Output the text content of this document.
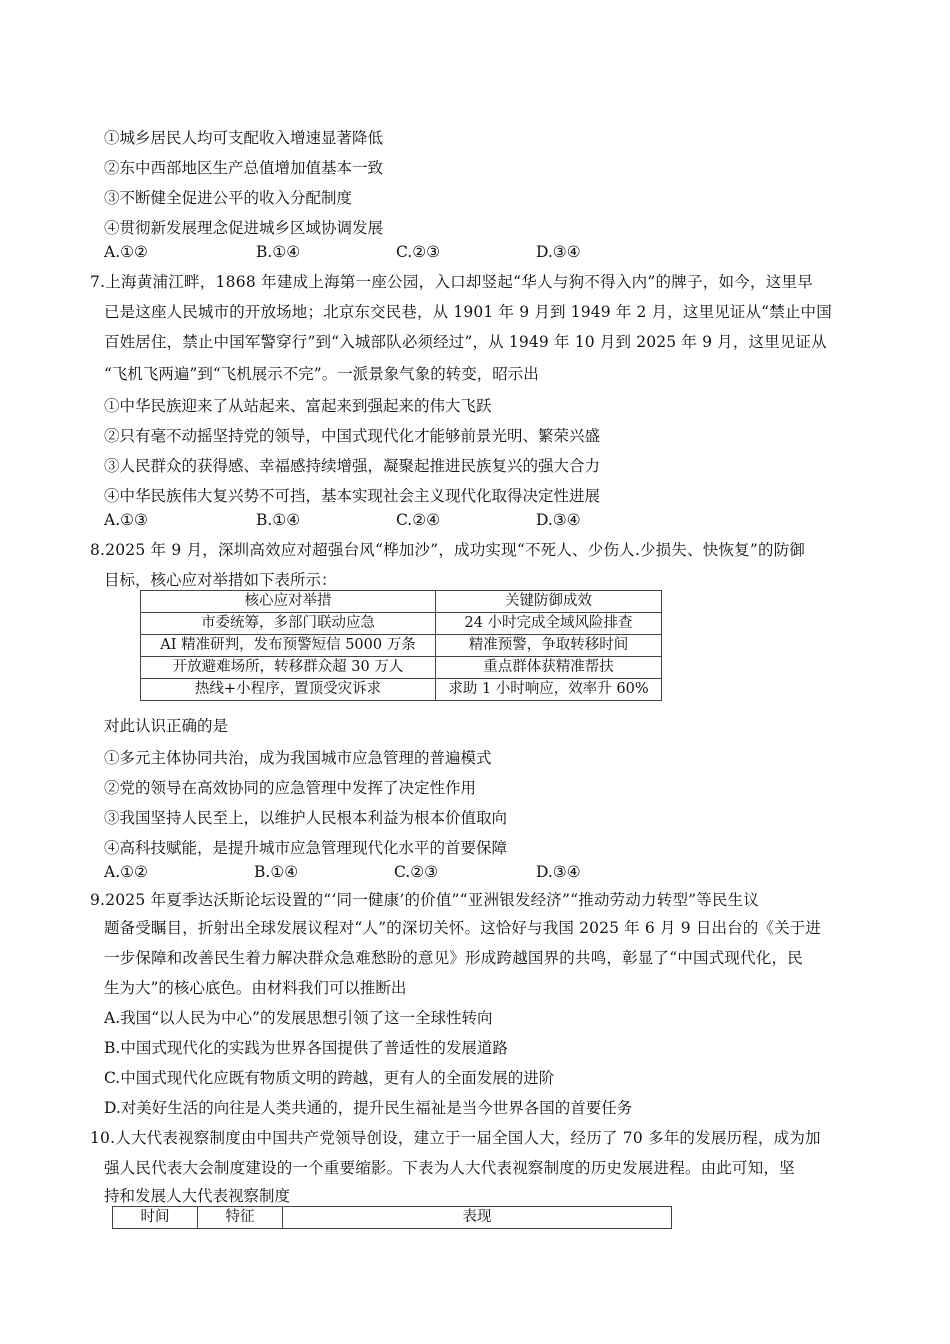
①城乡居民人均可支配收入增速显著降低
②东中西部地区生产总值增加值基本一致
③不断健全促进公平的收入分配制度
④贯彻新发展理念促进城乡区域协调发展
A.①②	B.①④	C.②③	D.③④
7.上海黄浦江畔，1868 年建成上海第一座公园，入口却竖起“华人与狗不得入内”的牌子，如今，这里早
已是这座人民城市的开放场地；北京东交民巷，从 1901 年 9 月到 1949 年 2 月，这里见证从“禁止中国
百姓居住，禁止中国军警穿行”到“入城部队必须经过”，从 1949 年 10 月到 2025 年 9 月，这里见证从
“飞机飞两遍”到“飞机展示不完”。一派景象气象的转变，昭示出
①中华民族迎来了从站起来、富起来到强起来的伟大飞跃
②只有毫不动摇坚持党的领导，中国式现代化才能够前景光明、繁荣兴盛
③人民群众的获得感、幸福感持续增强，凝聚起推进民族复兴的强大合力
④中华民族伟大复兴势不可挡，基本实现社会主义现代化取得决定性进展
A.①③	B.①④	C.②④	D.③④
8.2025 年 9 月，深圳高效应对超强台风“桦加沙”，成功实现“不死人、少伤人.少损失、快恢复”的防御
目标，核心应对举措如下表所示：
核心应对举措	关键防御成效
市委统筹，多部门联动应急	24 小时完成全域风险排查
AI 精准研判，发布预警短信 5000 万条	精准预警，争取转移时间
开放避难场所，转移群众超 30 万人	重点群体获精准帮扶
热线+小程序，置顶受灾诉求	求助 1 小时响应，效率升 60%
对此认识正确的是
①多元主体协同共治，成为我国城市应急管理的普遍模式
②党的领导在高效协同的应急管理中发挥了决定性作用
③我国坚持人民至上，以维护人民根本利益为根本价值取向
④高科技赋能，是提升城市应急管理现代化水平的首要保障
A.①②	B.①④	C.②③	D.③④
9.2025 年夏季达沃斯论坛设置的“‘同一健康’的价值”“亚洲银发经济”“推动劳动力转型”等民生议
题备受瞩目，折射出全球发展议程对“人”的深切关怀。这恰好与我国 2025 年 6 月 9 日出台的《关于进
一步保障和改善民生着力解决群众急难愁盼的意见》形成跨越国界的共鸣，彰显了“中国式现代化，民
生为大”的核心底色。由材料我们可以推断出
A.我国“以人民为中心”的发展思想引领了这一全球性转向
B.中国式现代化的实践为世界各国提供了普适性的发展道路
C.中国式现代化应既有物质文明的跨越，更有人的全面发展的进阶
D.对美好生活的向往是人类共通的，提升民生福祉是当今世界各国的首要任务
10.人大代表视察制度由中国共产党领导创设，建立于一届全国人大，经历了 70 多年的发展历程，成为加
强人民代表大会制度建设的一个重要缩影。下表为人大代表视察制度的历史发展进程。由此可知，坚
持和发展人大代表视察制度
时间	特征	表现
